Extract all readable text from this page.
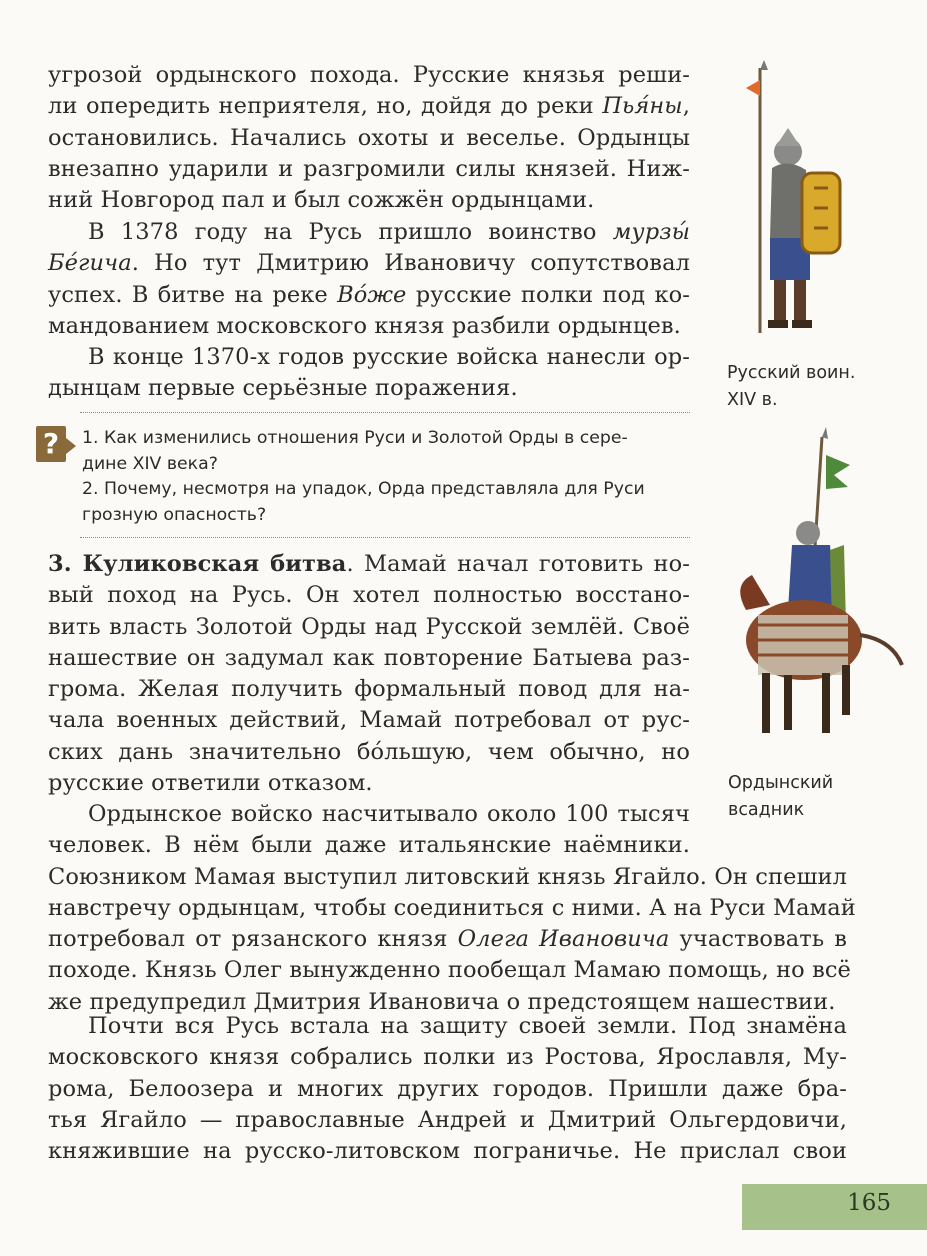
угрозой ордынского похода. Русские князья реши-
ли опередить неприятеля, но, дойдя до реки Пья́ны,
остановились. Начались охоты и веселье. Ордынцы
внезапно ударили и разгромили силы князей. Ниж-
ний Новгород пал и был сожжён ордынцами.
В 1378 году на Русь пришло воинство мурзы́
Бе́гича. Но тут Дмитрию Ивановичу сопутствовал
успех. В битве на реке Во́же русские полки под ко-
мандованием московского князя разбили ордынцев.
В конце 1370-х годов русские войска нанесли ор-
дынцам первые серьёзные поражения.
Русский воин.
XIV в.
?	1. Как изменились отношения Руси и Золотой Орды в сере-
дине XIV века?
2. Почему, несмотря на упадок, Орда представляла для Руси
грозную опасность?
3. Куликовская битва. Мамай начал готовить но-
вый поход на Русь. Он хотел полностью восстано-
вить власть Золотой Орды над Русской землёй. Своё
нашествие он задумал как повторение Батыева раз-
грома. Желая получить формальный повод для на-
чала военных действий, Мамай потребовал от рус-
ских дань значительно бо́льшую, чем обычно, но
русские ответили отказом.	Ордынский
всадник
Ордынское войско насчитывало около 100 тысяч
человек. В нём были даже итальянские наёмники.
Союзником Мамая выступил литовский князь Ягайло. Он спешил
навстречу ордынцам, чтобы соединиться с ними. А на Руси Мамай
потребовал от рязанского князя Олега Ивановича участвовать в
походе. Князь Олег вынужденно пообещал Мамаю помощь, но всё
же предупредил Дмитрия Ивановича о предстоящем нашествии.
Почти вся Русь встала на защиту своей земли. Под знамёна
московского князя собрались полки из Ростова, Ярославля, Му-
рома, Белоозера и многих других городов. Пришли даже бра-
тья Ягайло — православные Андрей и Дмитрий Ольгердовичи,
княжившие на русско-литовском пограничье. Не прислал свои
165
